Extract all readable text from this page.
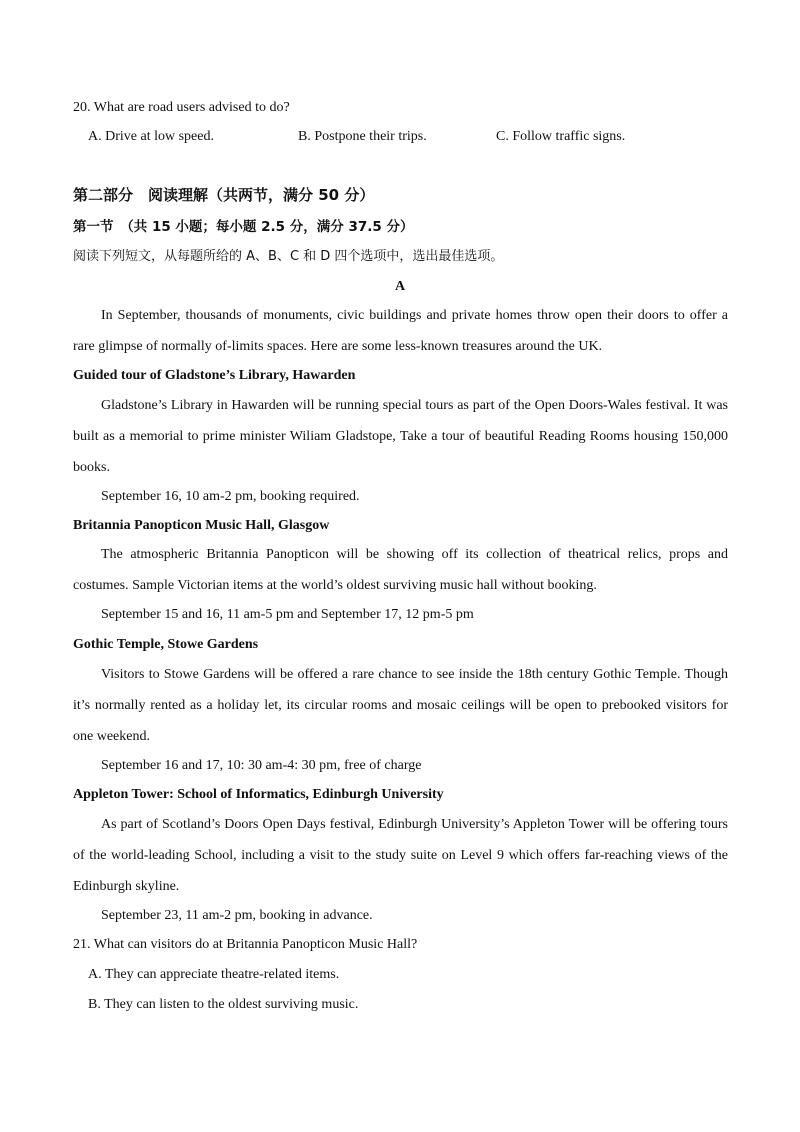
20. What are road users advised to do?
A. Drive at low speed.	B. Postpone their trips.	C. Follow traffic signs.
第二部分　阅读理解（共两节，满分 50 分）
第一节　（共 15 小题；每小题 2.5 分，满分 37.5 分）
阅读下列短文，从每题所给的 A、B、C 和 D 四个选项中，选出最佳选项。
A
In September, thousands of monuments, civic buildings and private homes throw open their doors to offer a
rare glimpse of normally of-limits spaces. Here are some less-known treasures around the UK.
Guided tour of Gladstone’s Library, Hawarden
Gladstone’s Library in Hawarden will be running special tours as part of the Open Doors-Wales festival. It was
built as a memorial to prime minister Wiliam Gladstope, Take a tour of beautiful Reading Rooms housing 150,000
books.
September 16, 10 am-2 pm, booking required.
Britannia Panopticon Music Hall, Glasgow
The atmospheric Britannia Panopticon will be showing off its collection of theatrical relics, props and
costumes. Sample Victorian items at the world’s oldest surviving music hall without booking.
September 15 and 16, 11 am-5 pm and September 17, 12 pm-5 pm
Gothic Temple, Stowe Gardens
Visitors to Stowe Gardens will be offered a rare chance to see inside the 18th century Gothic Temple. Though
it’s normally rented as a holiday let, its circular rooms and mosaic ceilings will be open to prebooked visitors for
one weekend.
September 16 and 17, 10: 30 am-4: 30 pm, free of charge
Appleton Tower: School of Informatics, Edinburgh University
As part of Scotland’s Doors Open Days festival, Edinburgh University’s Appleton Tower will be offering tours
of the world-leading School, including a visit to the study suite on Level 9 which offers far-reaching views of the
Edinburgh skyline.
September 23, 11 am-2 pm, booking in advance.
21. What can visitors do at Britannia Panopticon Music Hall?
A. They can appreciate theatre-related items.
B. They can listen to the oldest surviving music.
